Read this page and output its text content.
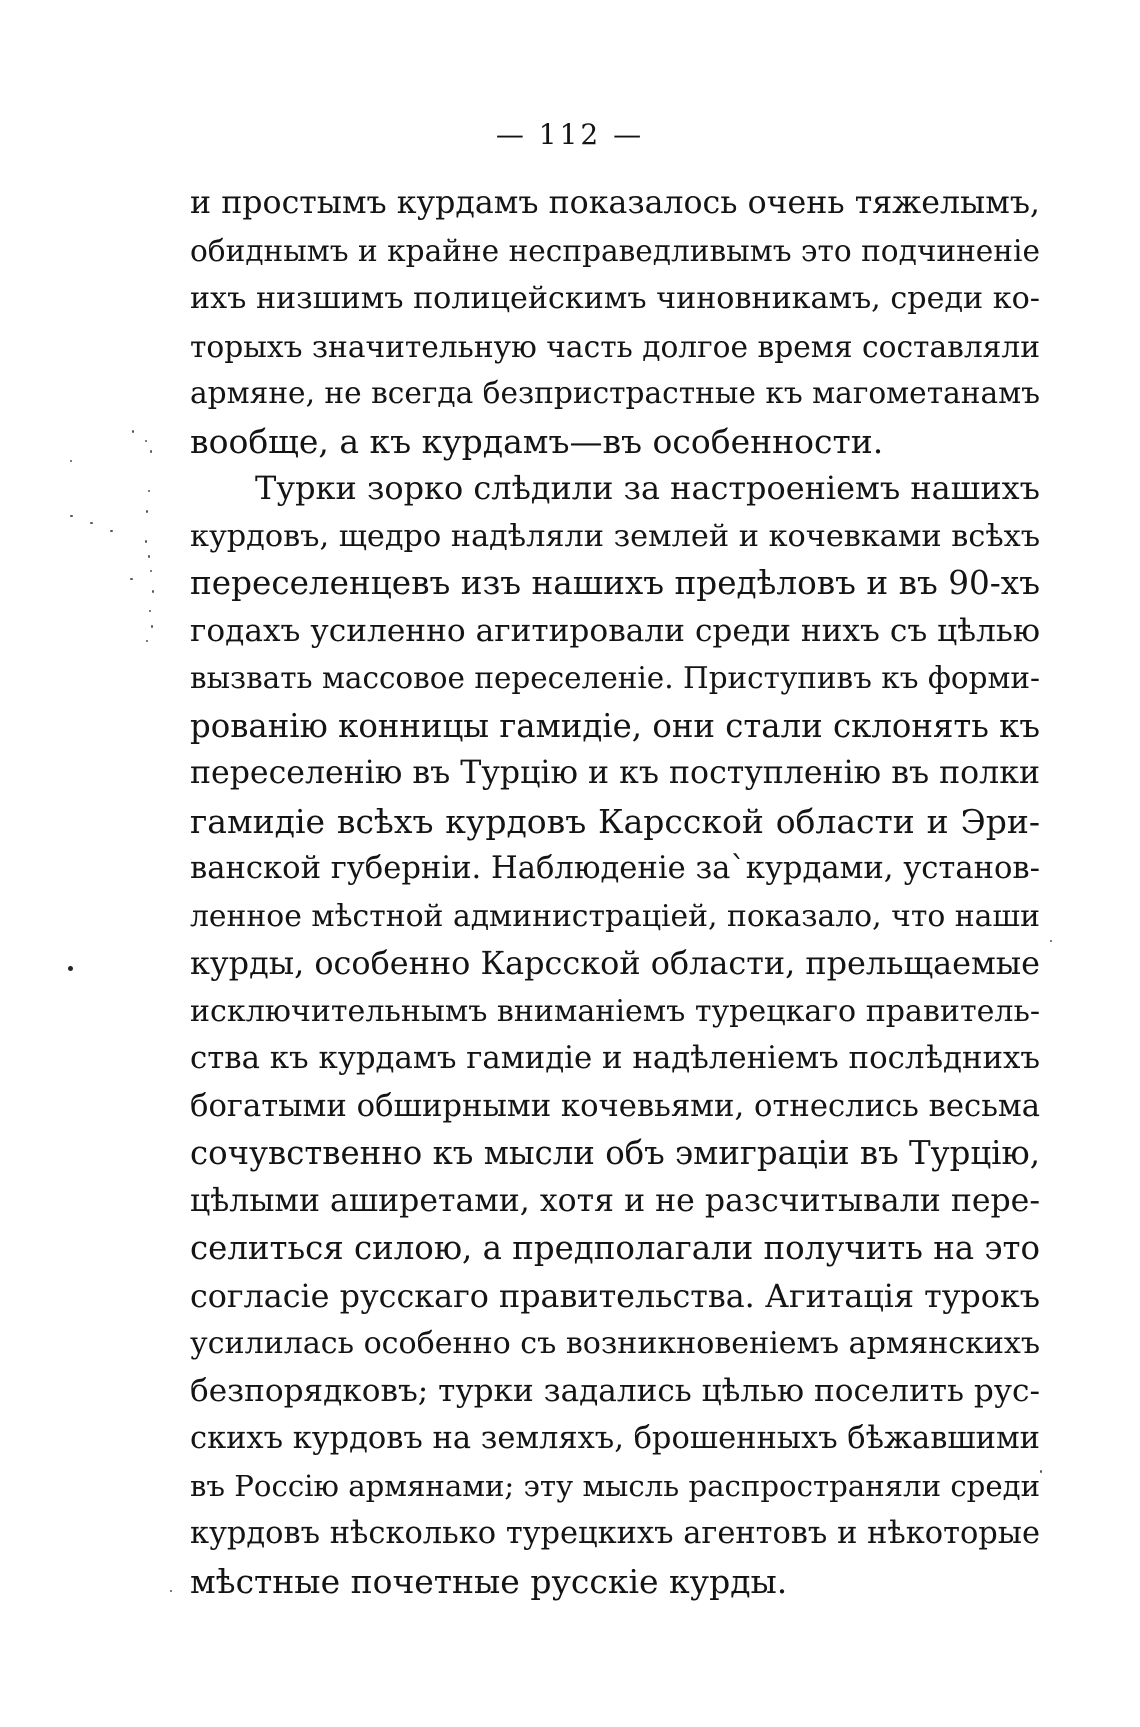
— 112 —
и простымъ курдамъ показалось очень тяжелымъ,
обиднымъ и крайне несправедливымъ это подчиненіе
ихъ низшимъ полицейскимъ чиновникамъ, среди ко-
торыхъ значительную часть долгое время составляли
армяне, не всегда безпристрастные къ магометанамъ
вообще, а къ курдамъ—въ особенности.
Турки зорко слѣдили за настроеніемъ нашихъ
курдовъ, щедро надѣляли землей и кочевками всѣхъ
переселенцевъ изъ нашихъ предѣловъ и въ 90-хъ
годахъ усиленно агитировали среди нихъ съ цѣлью
вызвать массовое переселеніе. Приступивъ къ форми-
рованію конницы гамидіе, они стали склонять къ
переселенію въ Турцію и къ поступленію въ полки
гамидіе всѣхъ курдовъ Карсской области и Эри-
ванской губерніи. Наблюденіе за`курдами, установ-
ленное мѣстной администраціей, показало, что наши
курды, особенно Карсской области, прельщаемые
исключительнымъ вниманіемъ турецкаго правитель-
ства къ курдамъ гамидіе и надѣленіемъ послѣднихъ
богатыми обширными кочевьями, отнеслись весьма
сочувственно къ мысли объ эмиграціи въ Турцію,
цѣлыми аширетами, хотя и не разсчитывали пере-
селиться силою, а предполагали получить на это
согласіе русскаго правительства. Агитація турокъ
усилилась особенно съ возникновеніемъ армянскихъ
безпорядковъ; турки задались цѣлью поселить рус-
скихъ курдовъ на земляхъ, брошенныхъ бѣжавшими
въ Россію армянами; эту мысль распространяли среди
курдовъ нѣсколько турецкихъ агентовъ и нѣкоторые
мѣстные почетные русскіе курды.
